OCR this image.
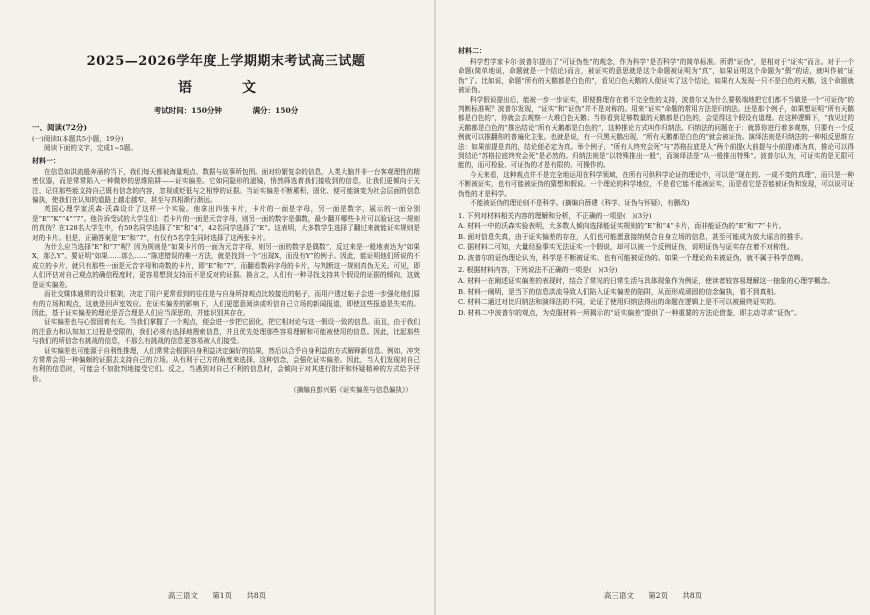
2025—2026学年度上学期期末考试高三试题
语　文
考试时间：150分钟	满分：150分
一、阅读(72分)

(一)阅读Ⅰ(本题共5小题，19分)

阅读下面的文字，完成1~5题。

材料一：

在信息如洪流般奔涌的当下，我们每天都被海量观点、数据与故事所包围。面对纷繁复杂的信息，人类大脑并非一台客观理性的精密仪器，而是常常陷入一种微妙的思维陷阱——证实偏差。它如同隐形的滤镜，悄然筛选着我们接收到的信息，让我们更倾向于关注、记住那些能支持自己既有信念的内容，忽视或贬低与之相悖的证据。当证实偏差不断累积，固化、便可能演变为社会层面的信息偏执，使我们在认知的道路上越走越窄，甚至与真相渐行渐远。

英国心理学家沃森·沃森设计了这样一个实验。他拿出四张卡片，卡片的一面是字母，另一面是数字，展示的一面分别是“E”“K”“4”“7”。他告诉受试的大学生们：若卡片的一面是元音字母，则另一面的数字是偶数，最少翻开哪些卡片可以验证这一规则的真伪？在128名大学生中，有59名同学选择了“E”和“4”，42名同学选择了“E”。这表明，大多数学生选择了翻过来就能证实规则是对的卡片。但是，正确答案是“E”和“7”，有仅有5名学生同时选择了这两张卡片。

为什么应当选择“E”和“7”呢？因为规则是“如果卡片的一面为元音字母，则另一面的数字是偶数”，反过来是一般地表达为“如果X，那么Y”。要证明“如果……那么……”陈述错误的唯一方法，就是找到一个“出现X，而没有Y”的例子。因此，能证明他们所说的不成立的卡片，就只有那些一面是元音字母和奇数的卡片，即“E”和“7”，而翻看数码字母的卡片，与判断这一规则真伪无关。可见，即人们评估对自己观点的确信程度时，更容易想到支持而不是反对的证据。换言之，人们有一种寻找支持其个假设的证据的倾向，这就是证实偏差。

而社交媒体通常的设计框架，决定了用户更常看到的往往是与自身所持观点比较接近的帖子，而用户透过帖子会进一步强化他们原有的立场和观点，这就是回声室效应。在证实偏差的影响下，人们更愿意阅读或听信自己立场的新闻报道，即使这些报道是失实的。因此，基于证实偏差的理论是否合理是人们应当深思的，并能识别其存在。

证实偏差也与心智固着有关。当我们掌握了一个观点，便会进一步把它固化，把它相对论与这一假设一致的信息。而且，由于我们的注意力和认知加工过程是受限的，我们必须有选择地搜索信息，并且优先处理那些容易理解和可能被使用的信息。因此，比起那些与我们的所信念有挑战的信息，不那么有挑战的信息更容易被人们接受。

证实偏差也可能源于自利性推理，人们常常会根据自身利益决定偏好的结果，然后以合乎自身利益的方式解释新信息。例如，冲突方常常会用一种偏颇的证据去支持自己的立场。从有利于己方的角度来选择，这种信念，会强化证实偏差。因此，当人们发现对自己有利的信息时，可能会不加批判地接受它们。反之，当遇到对自己不利的信息时，会倾向于对其进行批评和怀疑精神的方式给予评价。

（摘编自彭兴韬《证实偏差与信息偏执》）
高三语文 第1页 共8页
材料二：

科学哲学家卡尔·波普尔提出了“可证伪性”的观念，作为科学“是否科学”的简单标准。所谓“证伪”，是相对于“证实”而言。对于一个命题(简单地说，命题就是一个结论)而言，被证实的意思就是这个命题被证明为“真”，如果证明这个命题为“假”的话，就叫作被“证伪”了。比如说，命题“所有的天鹅都是白色的”，看见白色天鹅的人便证实了这个结论，如果有人发现一只不是白色的天鹅，这个命题就被证伪。

科学假说提出后，能被一步一步证实，即便推理存在着不完全性的支持，波普尔又为什么要极端地把它们都不当做是一个“可证伪”的判断标准呢？波普尔发现，“证实”和“证伪”并不是对称的。用来“证实”命题的常用方法是归纳法。还是那个例子，如果想证明“所有天鹅都是白色的”，你就会去观察一大堆白色天鹅；当你看到足够数量的天鹅都是白色的，会觉得这个假设有道理。在这种逻辑下，“我见过的天鹅都是白色的”推出结论“所有天鹅都是白色的”，这种推论方式叫作归纳法。归纳法的问题在于：就算你进行着多观察，只要有一个反例就可以推翻你的普遍化主张。也就是说，有一只黑天鹅出现，“所有天鹅都是白色的”就会被证伪。演绎法则是归纳法的一种相反思维方法：如果前提是真的，结论便必定为真。举个例子，“所有人终究会死”与“苏格拉底是人”两个前提(大前提与小前提)都为真，推论可以得到结论“苏格拉底终究会死”是必然的。归纳法则是“以特殊推出一般”，而演绎法是“从一般推出特殊”。波普尔认为，可证实的是无限可能的，而可检验、可证伪的才是有限的、可操作的。

今天来看，这种观点并不是完全地运用在科学领域，在所有可供科学论证的理论中，可以是“现在的、一成不变的真理”，而只是一种不断被证实，也有可能被证伪的猜想和假说。一个理论的科学地位，不是看它能不能被证实，而是看它是否能被证伪和发现，可以说可证伪性的才是科学。

不能被证伪的理论则不是科学。(摘编自薛建《科学、证伪与怀疑》，有删改)

1. 下列对材料相关内容的理解和分析，不正确的一项是(　)(3分)

A. 材料一中的沃森实验表明，大多数人倾向选择能证实规则的“E”和“4”卡片，而非能证伪的“E”和“7”卡片。

B. 面对信息失真，由于证实偏差的存在，人们也可能愿意接纳契合自身立场的信息，甚至可能成为放大谣言的推手。

C. 据材料二可知，大量经验事实无法证实一个假说，却可以被一个反例证伪，说明证伪与证实存在着不对称性。

D. 波普尔的证伪理论认为，科学是不断被证实、也有可能被证伪的。如果一个理论尚未被证伪，就不属于科学范畴。

2. 根据材料内容，下列说法不正确的一项是(　)(3分)

A. 材料一在阐述证实偏差的表现时，结合了常见的日常生活与具体现象作为例证，使读者较容易理解这一抽象的心理学概念。

B. 材料一阐明，是当下的信息洪流导致人们陷入证实偏差的陷阱，从而形成顽固的信念偏执，看不到真相。

C. 材料二通过对比归纳法和演绎法的不同，论证了使用归纳法得出的命题在逻辑上是不可以被最终证实的。

D. 材料二中波普尔的观点，为克服材料一所揭示的“证实偏差”提供了一种重要的方法论借鉴，即主动寻求“证伪”。

高三语文 第2页 共8页
